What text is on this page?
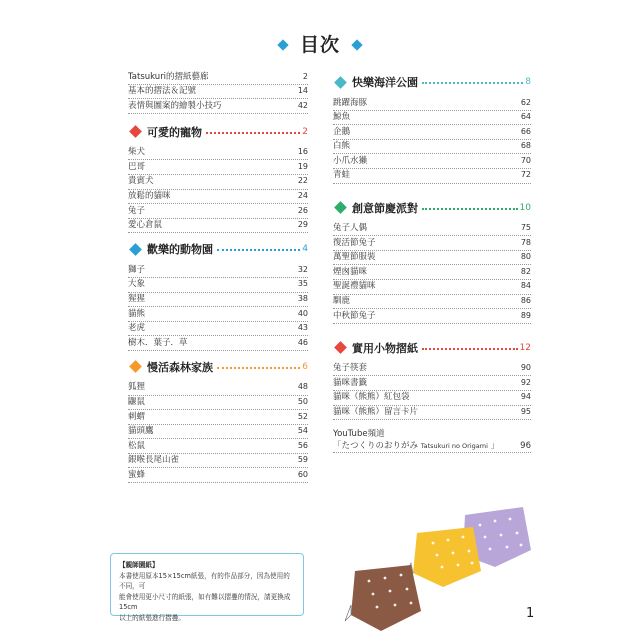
目次
Tatsukuri的摺紙藝廊	2
基本的摺法＆記號	14
表情與圖案的繪製小技巧	42
可愛的寵物	2
柴犬	16
巴哥	19
貴賓犬	22
放鬆的貓咪	24
兔子	26
愛心倉鼠	29
歡樂的動物園	4
獅子	32
大象	35
猩猩	38
貓熊	40
老虎	43
樹木．葉子．草	46
慢活森林家族	6
狐狸	48
鼴鼠	50
刺蝟	52
貓頭鷹	54
松鼠	56
銀喉長尾山雀	59
蜜蜂	60
快樂海洋公園	8
跳躍海豚	62
鯨魚	64
企鵝	66
白熊	68
小爪水獺	70
青蛙	72
創意節慶派對	10
兔子人偶	75
復活節兔子	78
萬聖節服裝	80
煙囪貓咪	82
聖誕禮貓咪	84
馴鹿	86
中秋節兔子	89
實用小物摺紙	12
兔子筷套	90
貓咪書籤	92
貓咪（熊熊）紅包袋	94
貓咪（熊熊）留言卡片	95
YouTube頻道
「たつくりのおりがみ Tatsukuri no Origami 」	96
【親師園紙】
本書使用原本15×15cm紙張，有的作品部分，因為使用的不同，可
能會使用更小尺寸的紙張，如有難以摺疊的情況，請更換成15cm
以上的紙張進行摺疊。	1
